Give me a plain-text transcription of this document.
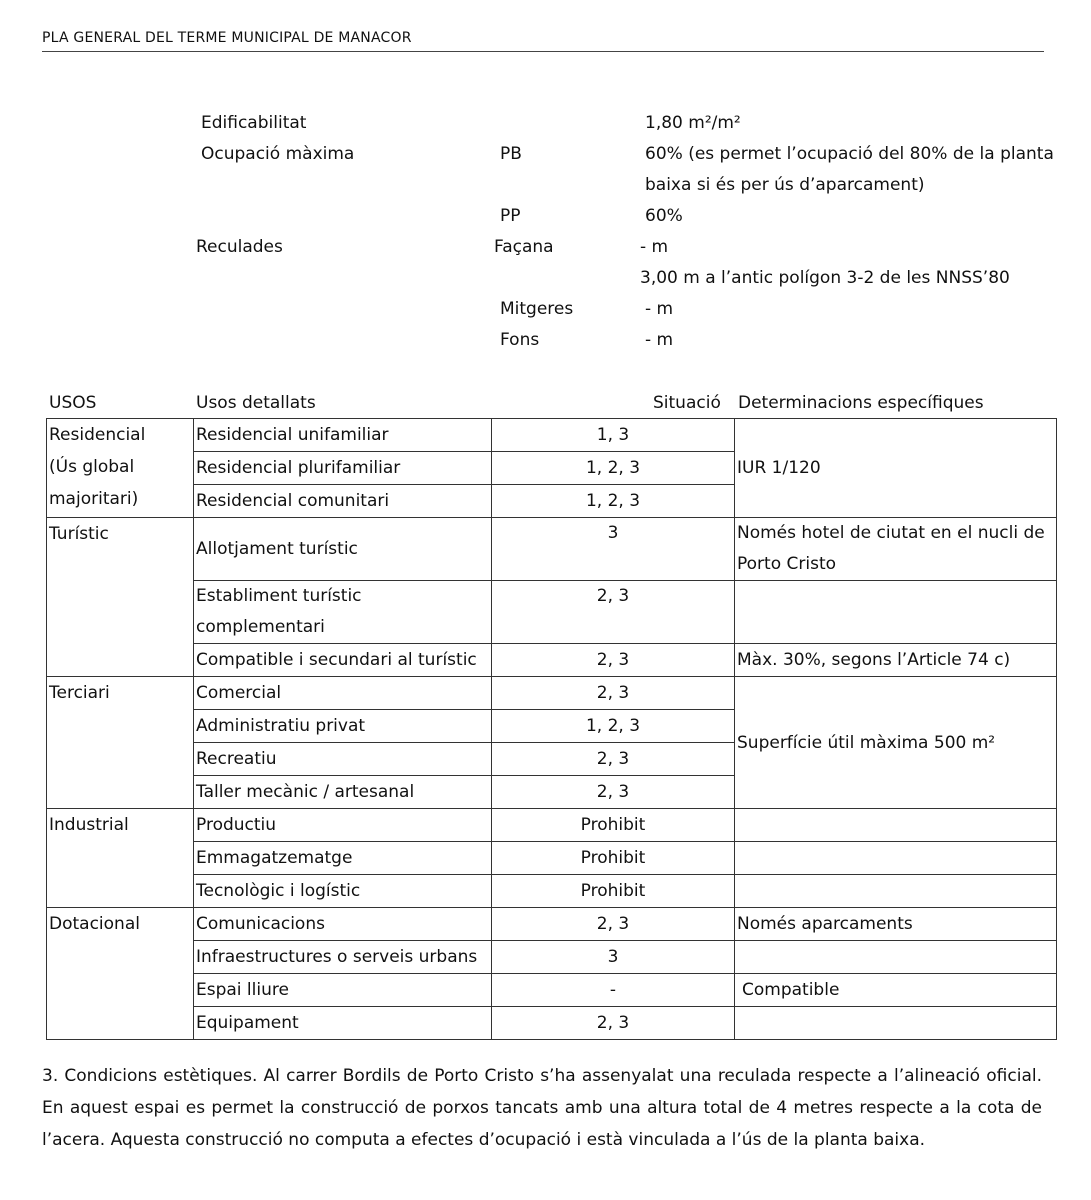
PLA GENERAL DEL TERME MUNICIPAL DE MANACOR
Edificabilitat	1,80 m²/m²
Ocupació màxima	PB	60% (es permet l’ocupació del 80% de la planta
baixa si és per ús d’aparcament)
PP	60%
Reculades	Façana	- m
3,00 m a l’antic polígon 3-2 de les NNSS’80
Mitgeres	- m
Fons	- m
USOS	Usos detallats	Situació Determinacions específiques
Residencial
(Ús global
majoritari)	Residencial unifamiliar	1, 3	IUR 1/120
	Residencial plurifamiliar	1, 2, 3	
	Residencial comunitari	1, 2, 3	
Turístic	Allotjament turístic	3	Només hotel de ciutat en el nucli de
Porto Cristo

	Establiment turístic
complementari	2, 3	
	Compatible i secundari al turístic	2, 3	Màx. 30%, segons l’Article 74 c)
Terciari	Comercial	2, 3	Superfície útil màxima 500 m²
	Administratiu privat	1, 2, 3	
	Recreatiu	2, 3	
	Taller mecànic / artesanal	2, 3	
Industrial	Productiu	Prohibit	
	Emmagatzematge	Prohibit	
	Tecnològic i logístic	Prohibit	
Dotacional	Comunicacions	2, 3	Només aparcaments
	Infraestructures o serveis urbans	3	
	Espai lliure	-	Compatible
	Equipament	2, 3	
3. Condicions estètiques. Al carrer Bordils de Porto Cristo s’ha assenyalat una reculada respecte a l’alineació oficial. En aquest espai es permet la construcció de porxos tancats amb una altura total de 4 metres respecte a la cota de l’acera. Aquesta construcció no computa a efectes d’ocupació i està vinculada a l’ús de la planta baixa.
